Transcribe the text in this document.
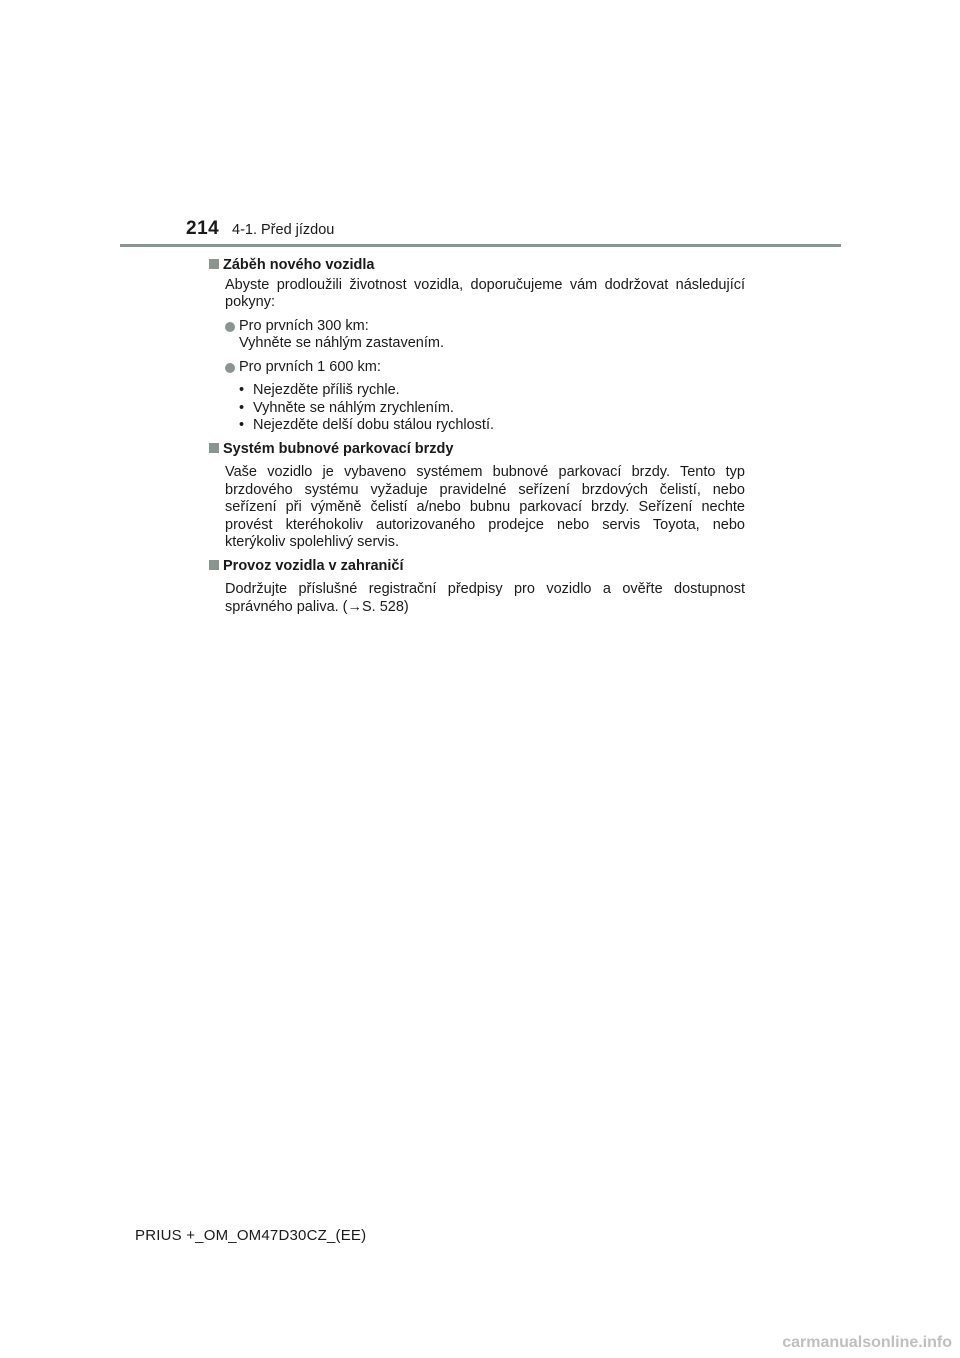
214 4-1. Před jízdou
Záběh nového vozidla
Abyste prodloužili životnost vozidla, doporučujeme vám dodržovat následující pokyny:
Pro prvních 300 km:
Vyhněte se náhlým zastavením.
Pro prvních 1 600 km:
• Nejezděte příliš rychle.
• Vyhněte se náhlým zrychlením.
• Nejezděte delší dobu stálou rychlostí.
Systém bubnové parkovací brzdy
Vaše vozidlo je vybaveno systémem bubnové parkovací brzdy. Tento typ brzdového systému vyžaduje pravidelné seřízení brzdových čelistí, nebo seřízení při výměně čelistí a/nebo bubnu parkovací brzdy. Seřízení nechte provést kteréhokoliv autorizovaného prodejce nebo servis Toyota, nebo kterýkoliv spolehlivý servis.
Provoz vozidla v zahraničí
Dodržujte příslušné registrační předpisy pro vozidlo a ověřte dostupnost správného paliva. (→S. 528)
PRIUS +_OM_OM47D30CZ_(EE)
carmanualsonline.info
